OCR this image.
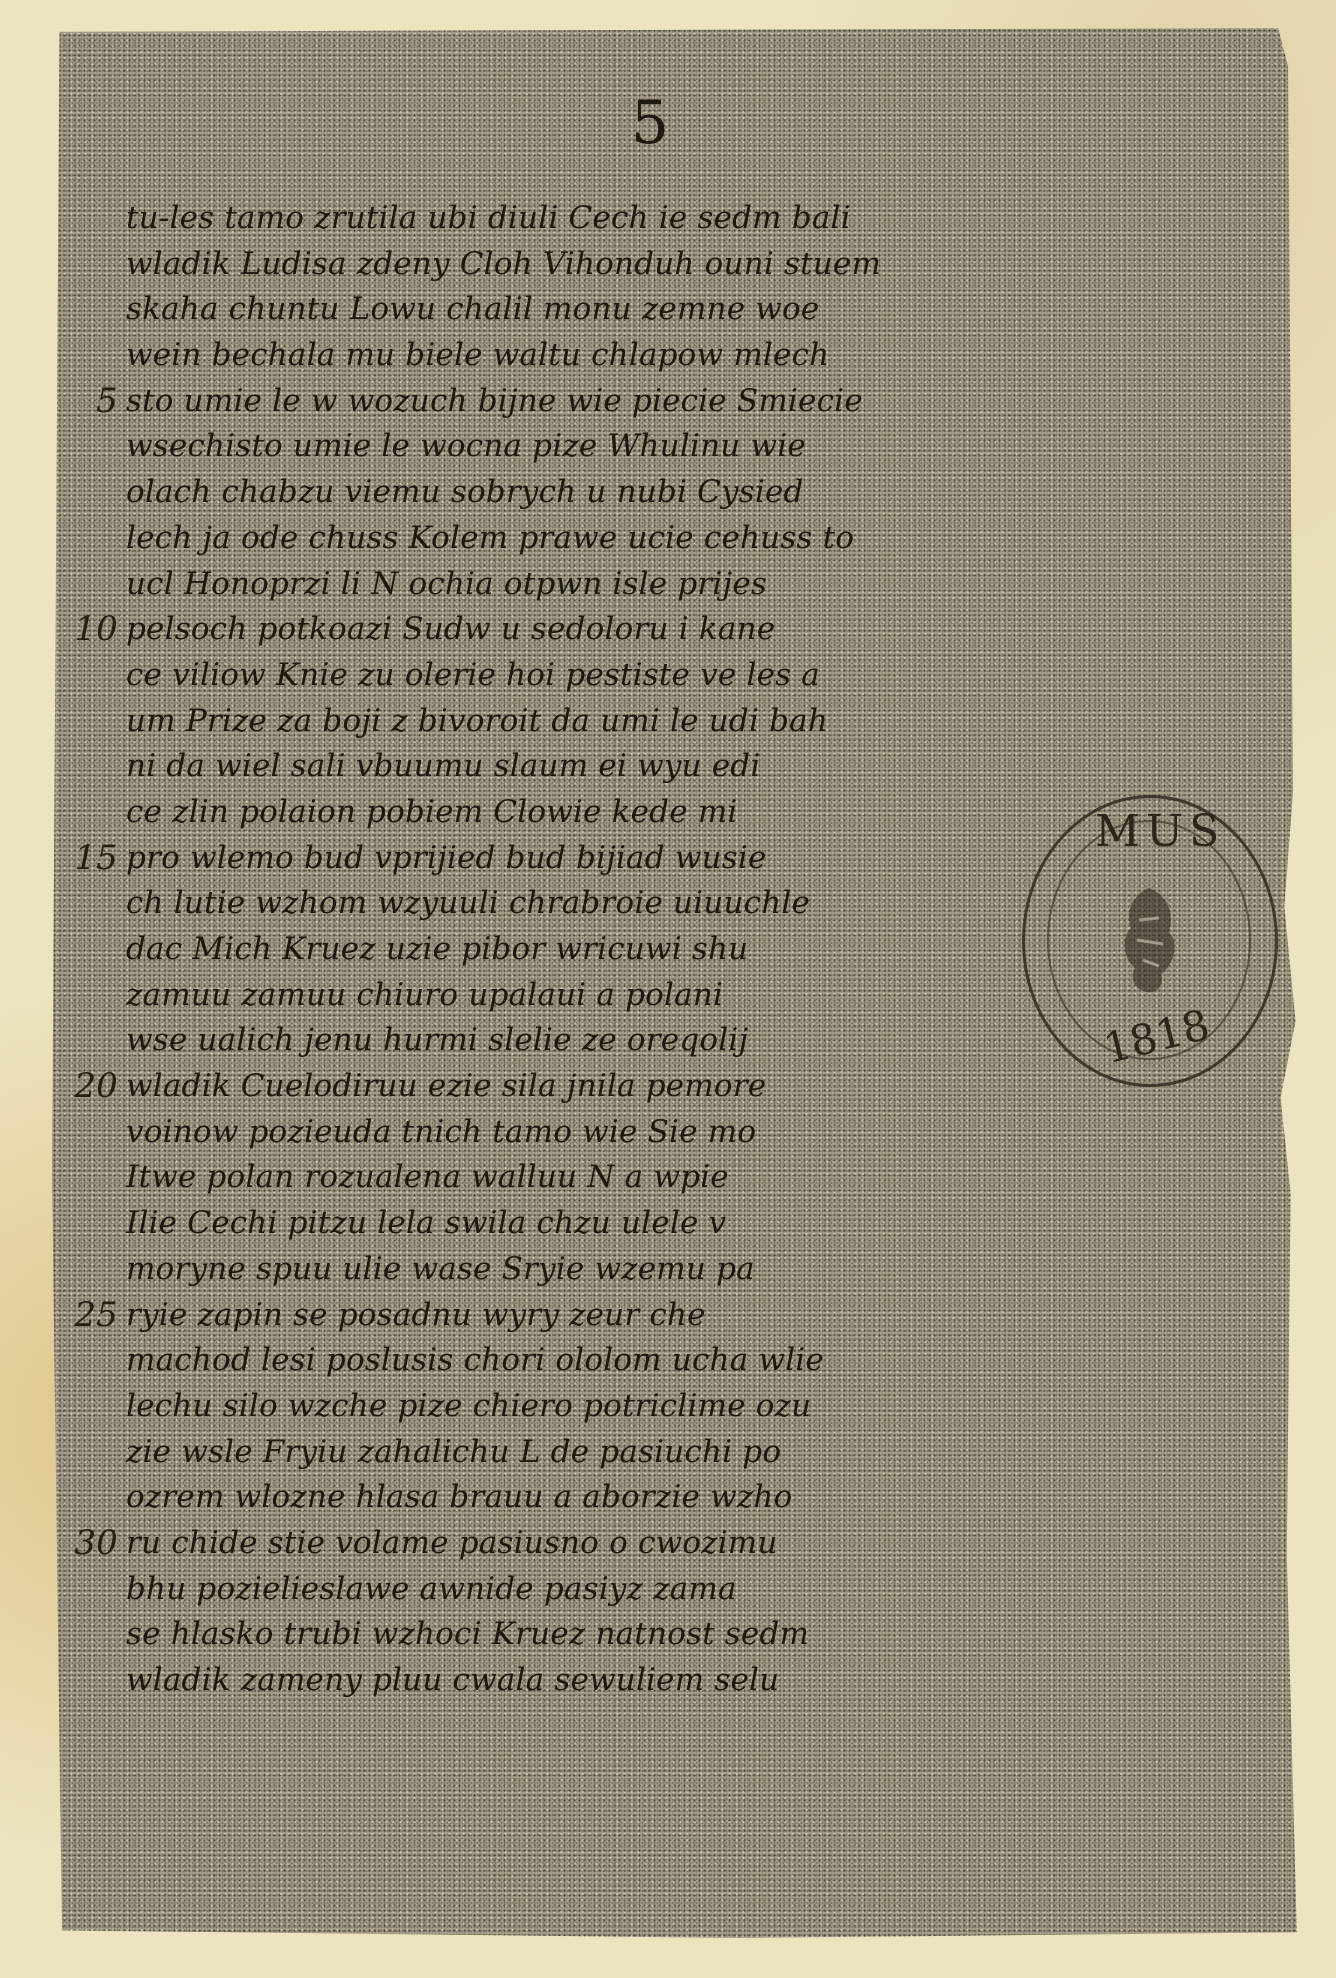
5
tu-les tamo zrutila ubi diuli Cech ie sedm bali
wladik Ludisa zdeny Cloh Vihonduh ouni stuem
skaha chuntu Lowu chalil monu zemne woe
wein bechala mu biele waltu chlapow mlech
5 sto umie le w wozuch bijne wie piecie Smiecie
wsechisto umie le wocna pize Whulinu wie
olach chabzu viemu sobrych u nubi Cysied
lech ja ode chuss Kolem prawe ucie cehuss to
ucl Honoprzi li N ochia otpwn isle prijes
10 pelsoch potkoazi Sudw u sedoloru i kane
ce viliow Knie zu olerie hoi pestiste ve les a
um Prize za boji z bivoroit da umi le udi bah
ni da wiel sali vbuumu slaum ei wyu edi
ce zlin polaion pobiem Clowie kede mi
15 pro wlemo bud vprijied bud bijiad wusie
ch lutie wzhom wzyuuli chrabroie uiuuchle
dac Mich Kruez uzie pibor wricuwi shu
zamuu zamuu chiuro upalaui a polani
wse ualich jenu hurmi slelie ze oreqolij
20 wladik Cuelodiruu ezie sila jnila pemore
voinow pozieuda tnich tamo wie Sie mo
Itwe polan rozualena walluu N a wpie
Ilie Cechi pitzu lela swila chzu ulele v
moryne spuu ulie wase Sryie wzemu pa
25 ryie zapin se posadnu wyry zeur che
machod lesi poslusis chori ololom ucha wlie
lechu silo wzche pize chiero potriclime ozu
zie wsle Fryiu zahalichu L de pasiuchi po
ozrem wlozne hlasa brauu a aborzie wzho
30 ru chide stie volame pasiusno o cwozimu
bhu pozielieslawe awnide pasiyz zama
se hlasko trubi wzhoci Kruez natnost sedm
wladik zameny pluu cwala sewuliem selu
MUS
1818
